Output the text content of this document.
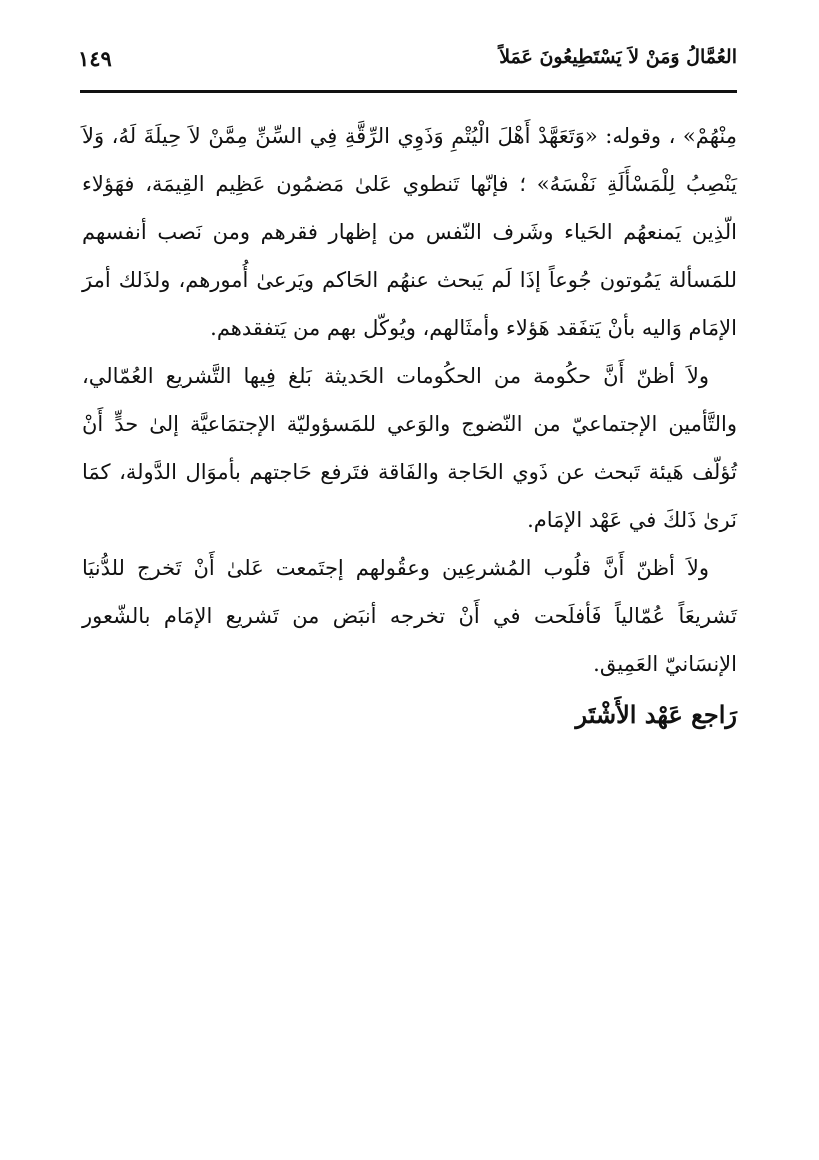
العُمَّالُ وَمَنْ لاَ يَسْتَطِيعُونَ عَمَلاً
١٤٩

مِنْهُمْ» ، وقوله: «وَتَعَهَّدْ أَهْلَ الْيُتْمِ وَذَوِي الرِّقَّةِ فِي السِّنِّ مِمَّنْ لاَ حِيلَةَ لَهُ، وَلاَ يَنْصِبُ لِلْمَسْأَلَةِ نَفْسَهُ» ؛ فإنّها تَنطوي عَلىٰ مَضمُون عَظِيم القِيمَة، فهَؤلاء الّذِين يَمنعهُم الحَياء وشَرف النّفس من إظهار فقرهم ومن نَصب أنفسهم للمَسألة يَمُوتون جُوعاً إذَا لَم يَبحث عنهُم الحَاكم ويَرعىٰ أُمورهم، ولذَلك أمرَ الإمَام وَاليه بأنْ يَتفَقد هَؤلاء وأمثَالهم، ويُوكّل بهم من يَتفقدهم.

ولاَ أظنّ أَنَّ حكُومة من الحكُومات الحَديثة بَلغ فِيها التَّشريع العُمّالي، والتَّأمين الإجتماعيّ من النّضوج والوَعي للمَسؤوليّة الإجتمَاعيَّة إلىٰ حدٍّ أَنْ تُؤلّف هَيئة تَبحث عن ذَوي الحَاجة والفَاقة فتَرفع حَاجتهم بأموَال الدَّولة، كمَا نَرىٰ ذَلكَ في عَهْد الإمَام.

ولاَ أظنّ أَنَّ قلُوب المُشرعِين وعقُولهم إجتَمعت عَلىٰ أَنْ تَخرج للدُّنيَا تَشريعَاً عُمّالياً فَأفلَحت في أَنْ تخرجه أنبَض من تَشريع الإمَام بالشّعور الإنسَانيّ العَمِيق.

رَاجع عَهْد الأَشْتَر
